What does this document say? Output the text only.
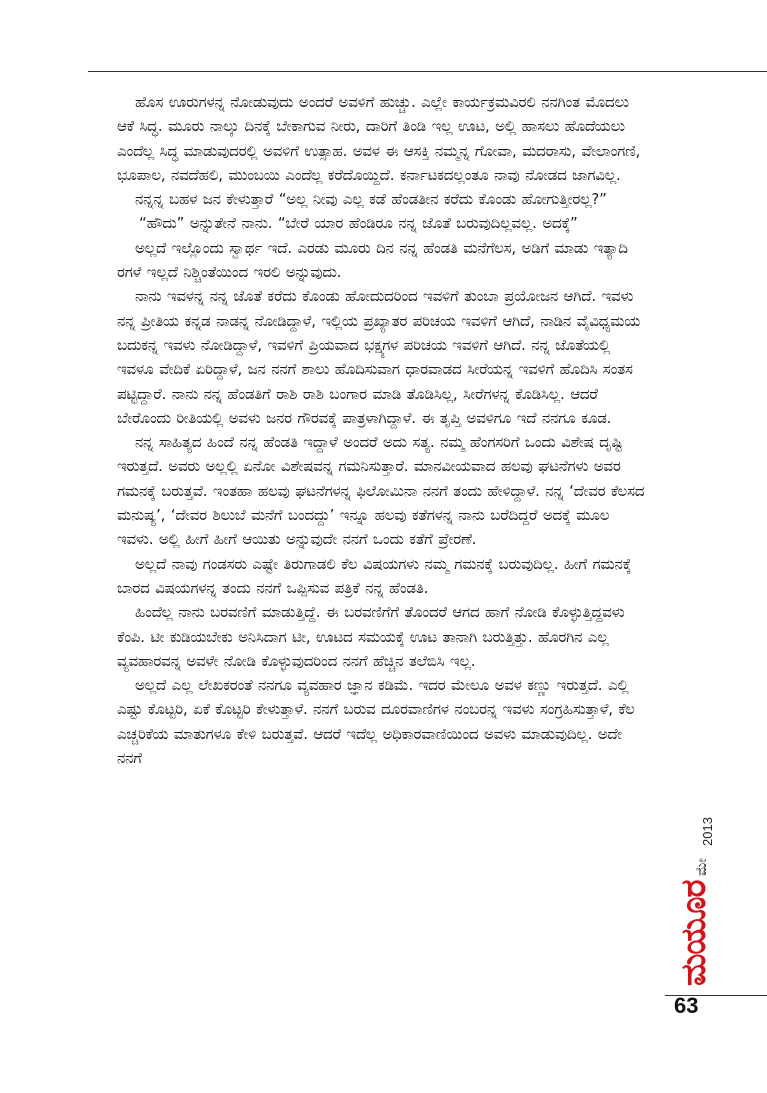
ಹೊಸ ಊರುಗಳನ್ನ ನೋಡುವುದು ಅಂದರೆ ಅವಳಿಗೆ ಹುಚ್ಚು. ಎಲ್ಲೇ ಕಾರ್ಯಕ್ರಮವಿರಲಿ ನನಗಿಂತ ಮೊದಲು ಆಕೆ ಸಿದ್ಧ. ಮೂರು ನಾಲ್ಕು ದಿನಕ್ಕೆ ಬೇಕಾಗುವ ನೀರು, ದಾರಿಗೆ ತಿಂಡಿ ಇಲ್ಲ ಊಟ, ಅಲ್ಲಿ ಹಾಸಲು ಹೊದೆಯಲು ಎಂದೆಲ್ಲ ಸಿದ್ಧ ಮಾಡುವುದರಲ್ಲಿ ಅವಳಿಗೆ ಉತ್ಸಾಹ. ಅವಳ ಈ ಆಸಕ್ತಿ ನಮ್ಮನ್ನ ಗೋವಾ, ಮದರಾಸು, ವೇಲಾಂಗಣಿ, ಭೂಪಾಲ, ನವದೆಹಲಿ, ಮುಂಬಯಿ ಎಂದೆಲ್ಲ ಕರೆದೊಯ್ದಿದೆ. ಕರ್ನಾಟಕದಲ್ಲಂತೂ ನಾವು ನೋಡದ ಜಾಗವಿಲ್ಲ.

ನನ್ನನ್ನ ಬಹಳ ಜನ ಕೇಳುತ್ತಾರೆ “ಅಲ್ಲ ನೀವು ಎಲ್ಲ ಕಡೆ ಹೆಂಡತೀನ ಕರೆದು ಕೊಂಡು ಹೋಗುತ್ತೀರಲ್ಲ?”

“ಹೌದು” ಅನ್ನುತೇನೆ ನಾನು. “ಬೇರೆ ಯಾರ ಹೆಂಡಿರೂ ನನ್ನ ಜೊತೆ ಬರುವುದಿಲ್ಲವಲ್ಲ. ಅದಕ್ಕೆ”

ಅಲ್ಲದೆ ಇಲ್ಲೊಂದು ಸ್ವಾರ್ಥ ಇದೆ. ಎರಡು ಮೂರು ದಿನ ನನ್ನ ಹೆಂಡತಿ ಮನೆಗೆಲಸ, ಅಡಿಗೆ ಮಾಡು ಇತ್ಯಾದಿ ರಗಳೆ ಇಲ್ಲದೆ ನಿಶ್ಚಿಂತೆಯಿಂದ ಇರಲಿ ಅನ್ನುವುದು.

ನಾನು ಇವಳನ್ನ ನನ್ನ ಜೊತೆ ಕರೆದು ಕೊಂಡು ಹೋದುದರಿಂದ ಇವಳಿಗೆ ತುಂಬಾ ಪ್ರಯೋಜನ ಆಗಿದೆ. ಇವಳು ನನ್ನ ಪ್ರೀತಿಯ ಕನ್ನಡ ನಾಡನ್ನ ನೋಡಿದ್ದಾಳೆ, ಇಲ್ಲಿಯ ಪ್ರಖ್ಯಾತರ ಪರಿಚಯ ಇವಳಿಗೆ ಆಗಿದೆ, ನಾಡಿನ ವೈವಿಧ್ಯಮಯ ಬದುಕನ್ನ ಇವಳು ನೋಡಿದ್ದಾಳೆ, ಇವಳಿಗೆ ಪ್ರಿಯವಾದ ಭಕ್ಷ್ಯಗಳ ಪರಿಚಯ ಇವಳಿಗೆ ಆಗಿದೆ. ನನ್ನ ಜೊತೆಯಲ್ಲಿ ಇವಳೂ ವೇದಿಕೆ ಏರಿದ್ದಾಳೆ, ಜನ ನನಗೆ ಶಾಲು ಹೊದಿಸುವಾಗ ಧಾರವಾಡದ ಸೀರೆಯನ್ನ ಇವಳಿಗೆ ಹೊದಿಸಿ ಸಂತಸ ಪಟ್ಟಿದ್ದಾರೆ. ನಾನು ನನ್ನ ಹೆಂಡತಿಗೆ ರಾಶಿ ರಾಶಿ ಬಂಗಾರ ಮಾಡಿ ತೊಡಿಸಿಲ್ಲ, ಸೀರೆಗಳನ್ನ ಕೊಡಿಸಿಲ್ಲ. ಆದರೆ ಬೇರೊಂದು ರೀತಿಯಲ್ಲಿ ಅವಳು ಜನರ ಗೌರವಕ್ಕೆ ಪಾತ್ರಳಾಗಿದ್ದಾಳೆ. ಈ ತೃಪ್ತಿ ಅವಳಿಗೂ ಇದೆ ನನಗೂ ಕೂಡ.

ನನ್ನ ಸಾಹಿತ್ಯದ ಹಿಂದೆ ನನ್ನ ಹೆಂಡತಿ ಇದ್ದಾಳೆ ಅಂದರೆ ಅದು ಸತ್ಯ. ನಮ್ಮ ಹೆಂಗಸರಿಗೆ ಒಂದು ವಿಶೇಷ ದೃಷ್ಟಿ ಇರುತ್ತದೆ. ಅವರು ಅಲ್ಲಲ್ಲಿ ಏನೋ ವಿಶೇಷವನ್ನ ಗಮನಿಸುತ್ತಾರೆ. ಮಾನವೀಯವಾದ ಹಲವು ಘಟನೆಗಳು ಅವರ ಗಮನಕ್ಕೆ ಬರುತ್ತವೆ. ಇಂತಹಾ ಹಲವು ಘಟನೆಗಳನ್ನ ಫಿಲೋಮಿನಾ ನನಗೆ ತಂದು ಹೇಳಿದ್ದಾಳೆ. ನನ್ನ ‘ದೇವರ ಕೆಲಸದ ಮನುಷ್ಯ’, ‘ದೇವರ ಶಿಲುಬೆ ಮನೆಗೆ ಬಂದದ್ದು’ ಇನ್ನೂ ಹಲವು ಕತೆಗಳನ್ನ ನಾನು ಬರೆದಿದ್ದರೆ ಅದಕ್ಕೆ ಮೂಲ ಇವಳು. ಅಲ್ಲಿ ಹೀಗೆ ಹೀಗೆ ಆಯಿತು ಅನ್ನುವುದೇ ನನಗೆ ಒಂದು ಕತೆಗೆ ಪ್ರೇರಣೆ.

ಅಲ್ಲದೆ ನಾವು ಗಂಡಸರು ಎಷ್ಟೇ ತಿರುಗಾಡಲಿ ಕೆಲ ವಿಷಯಗಳು ನಮ್ಮ ಗಮನಕ್ಕೆ ಬರುವುದಿಲ್ಲ. ಹೀಗೆ ಗಮನಕ್ಕೆ ಬಾರದ ವಿಷಯಗಳನ್ನ ತಂದು ನನಗೆ ಒಪ್ಪಿಸುವ ಪತ್ರಿಕೆ ನನ್ನ ಹೆಂಡತಿ.

ಹಿಂದೆಲ್ಲ ನಾನು ಬರವಣಿಗೆ ಮಾಡುತ್ತಿದ್ದೆ. ಈ ಬರವಣಿಗೆಗೆ ತೊಂದರೆ ಆಗದ ಹಾಗೆ ನೋಡಿ ಕೊಳ್ಳುತ್ತಿದ್ದವಳು ಕೆಂಪಿ. ಟೀ ಕುಡಿಯಬೇಕು ಅನಿಸಿದಾಗ ಟೀ, ಊಟದ ಸಮಯಕ್ಕೆ ಊಟ ತಾನಾಗಿ ಬರುತ್ತಿತ್ತು. ಹೊರಗಿನ ಎಲ್ಲ ವ್ಯವಹಾರವನ್ನ ಅವಳೇ ನೋಡಿ ಕೊಳ್ಳುವುದರಿಂದ ನನಗೆ ಹೆಚ್ಚಿನ ತಲೆಬಿಸಿ ಇಲ್ಲ.

ಅಲ್ಲದೆ ಎಲ್ಲ ಲೇಖಕರಂತೆ ನನಗೂ ವ್ಯವಹಾರ ಜ್ಞಾನ ಕಡಿಮೆ. ಇದರ ಮೇಲೂ ಅವಳ ಕಣ್ಣು ಇರುತ್ತದೆ. ಎಲ್ಲಿ ಎಷ್ಟು ಕೊಟ್ಟರಿ, ಏಕೆ ಕೊಟ್ಟರಿ ಕೇಳುತ್ತಾಳೆ. ನನಗೆ ಬರುವ ದೂರವಾಣಿಗಳ ನಂಬರನ್ನ ಇವಳು ಸಂಗ್ರಹಿಸುತ್ತಾಳೆ, ಕೆಲ ಎಚ್ಚರಿಕೆಯ ಮಾತುಗಳೂ ಕೇಳಿ ಬರುತ್ತವೆ. ಆದರೆ ಇದೆಲ್ಲ ಅಧಿಕಾರವಾಣಿಯಿಂದ ಅವಳು ಮಾಡುವುದಿಲ್ಲ. ಅದೇ ನನಗೆ

2013
ಮೇ
ಮಯೂರ
63
